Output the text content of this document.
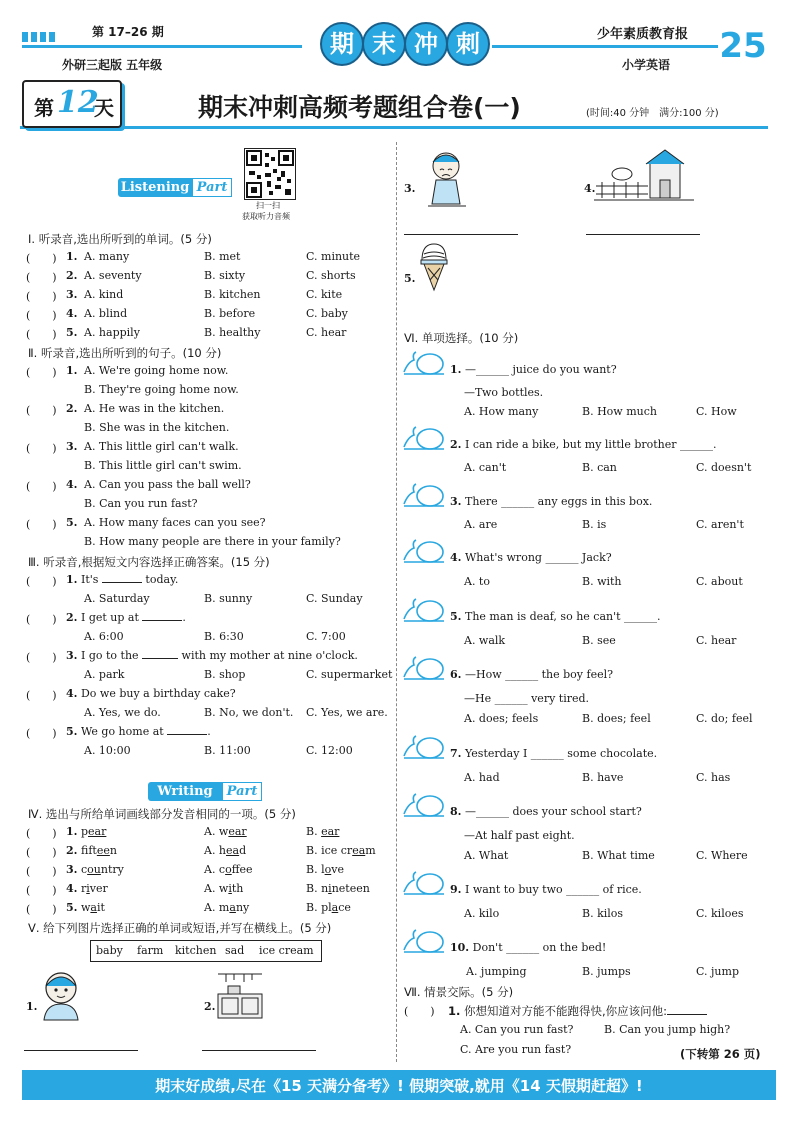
第 17–26 期
外研三起版 五年级
期 末 冲 刺	少年素质教育报
小学英语 25
第 12
天	期末冲刺高频考题组合卷(一)	(时间:40 分钟　满分:100 分)
Listening Part
扫一扫
获取听力音频
Ⅰ. 听录音,选出所听到的单词。(5 分)
(　　) 1. A. many	B. met	C. minute
(　　) 2. A. seventy	B. sixty	C. shorts
(　　) 3. A. kind	B. kitchen	C. kite
(　　) 4. A. blind	B. before	C. baby
(　　) 5. A. happily	B. healthy	C. hear
Ⅱ. 听录音,选出所听到的句子。(10 分)
(　　) 1. A. We're going home now.
B. They're going home now.
(　　) 2. A. He was in the kitchen.
B. She was in the kitchen.
(　　) 3. A. This little girl can't walk.
B. This little girl can't swim.
(　　) 4. A. Can you pass the ball well?
B. Can you run fast?
(　　) 5. A. How many faces can you see?
B. How many people are there in your family?
Ⅲ. 听录音,根据短文内容选择正确答案。(15 分)
(　　) 1. It's	today.
A. Saturday	B. sunny	C. Sunday
(　　) 2. I get up at	.
A. 6:00	B. 6:30	C. 7:00
(　　) 3. I go to the	with my mother at nine o'clock.
A. park	B. shop	C. supermarket
(　　) 4. Do we buy a birthday cake?
A. Yes, we do.	B. No, we don't. C. Yes, we are.
(　　) 5. We go home at	.
A. 10:00	B. 11:00	C. 12:00
Writing	Part
Ⅳ. 选出与所给单词画线部分发音相同的一项。(5 分)
(　　) 1. pear	A. wear	B. ear
(　　) 2. fifteen	A. head	B. ice cream
(　　) 3. country	A. coffee	B. love
(　　) 4. river	A. with	B. nineteen
(　　) 5. wait	A. many	B. place
Ⅴ. 给下列图片选择正确的单词或短语,并写在横线上。(5 分)
baby farm kitchen sad ice cream
1.	2.
3.	4.
5.
Ⅵ. 单项选择。(10 分)
1. —______ juice do you want?
—Two bottles.
A. How many	B. How much	C. How
2. I can ride a bike, but my little brother ______.
A. can't	B. can	C. doesn't
3. There ______ any eggs in this box.
A. are	B. is	C. aren't
4. What's wrong ______ Jack?
A. to	B. with	C. about
5. The man is deaf, so he can't ______.
A. walk	B. see	C. hear
6. —How ______ the boy feel?
—He ______ very tired.
A. does; feels	B. does; feel	C. do; feel
7. Yesterday I ______ some chocolate.
A. had	B. have	C. has
8. —______ does your school start?
—At half past eight.
A. What	B. What time	C. Where
9. I want to buy two ______ of rice.
A. kilo	B. kilos	C. kiloes
10. Don't ______ on the bed!
A. jumping	B. jumps	C. jump
Ⅶ. 情景交际。(5 分)
(　　) 1. 你想知道对方能不能跑得快,你应该问他:
A. Can you run fast?	B. Can you jump high?
C. Are you run fast?	(下转第 26 页)
期末好成绩,尽在《15 天满分备考》! 假期突破,就用《14 天假期赶超》!
